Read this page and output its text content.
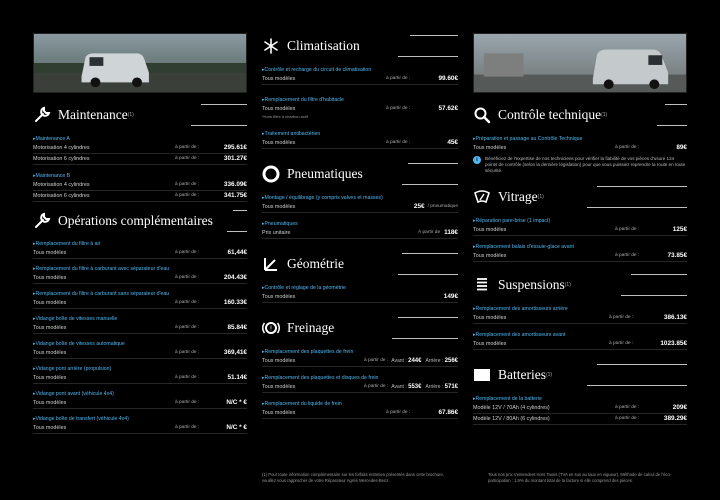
Maintenance (1)
▸ Maintenance A
Motorisation 4 cylindres	à partir de :	295.61€
Motorisation 6 cylindres	à partir de :	301.27€
▸ Maintenance B
Motorisation 4 cylindres	à partir de :	336.09€
Motorisation 6 cylindres	à partir de :	341.75€
Opérations complémentaires
▸ Remplacement du filtre à air
Tous modèles	à partir de :	61,44€
▸ Remplacement du filtre à carburant avec séparateur d'eau
Tous modèles	à partir de :	204.43€
▸ Remplacement du filtre à carburant sans séparateur d'eau
Tous modèles	à partir de :	160.33€
▸ Vidange boîte de vitesses manuelle
Tous modèles	à partir de :	85.84€
▸ Vidange boîte de vitesses automatique
Tous modèles	à partir de :	369,41€
▸ Vidange pont arrière (propulsion)
Tous modèles	à partir de :	51.14€
▸ Vidange pont avant (véhicule 4x4)
Tous modèles	à partir de :	N/C * €
▸ Vidange boîte de transfert (véhicule 4x4)
Tous modèles	à partir de :	N/C * €
Climatisation
▸ Contrôle et recharge du circuit de climatisation
Tous modèles	à partir de :	99.60€
▸ Remplacement du filtre d'habitacle
Tous modèles	à partir de :	57.62€
*Hors filtre à charbon actif
▸ Traitement antibactérien
Tous modèles	à partir de :	45€
Pneumatiques
▸ Montage / équilibrage (y compris valves et masses)
Tous modèles	25€ / pneumatique
▸ Pneumatiques
Prix unitaire	À partir de 118€
Géométrie
▸ Contrôle et réglage de la géométrie
Tous modèles	149€
! Freinage
▸ Remplacement des plaquettes de frein
Tous modèles	à partir de : Avant : 244€ Arrière : 256€
▸ Remplacement des plaquettes et disques de frein
Tous modèles	à partir de : Avant : 553€ Arrière : 571€
▸ Remplacement du liquide de frein
Tous modèles	à partir de :	67.86€
(1) Pour toute information complémentaire sur les forfaits entretien présentés dans cette brochure, veuillez vous rapprocher de votre Réparateur Agréé Mercedes-Benz.
Contrôle technique (1)
▸ Préparation et passage au Contrôle Technique
Tous modèles	à partir de :	89€
i	Bénéficiez de l'expertise de nos techniciens pour vérifier la fiabilité de vos pièces d'usure 124 points de contrôle (selon la dernière législation) pour que vous puissiez reprendre la route en toute sécurité.
Vitrage (1)
▸ Réparation pare-brise (1 impact)
Tous modèles	à partir de :	125€
▸ Remplacement balais d'essuie-glace avant
Tous modèles	à partir de :	73.85€
Suspensions (1)
▸ Remplacement des amortisseurs arrière
Tous modèles	à partir de :	386.13€
▸ Remplacement des amortisseurs avant
Tous modèles	à partir de :	1023.85€
Batteries (1)
▸ Remplacement de la batterie
Modèle 12V / 70Ah (4 cylindres)	à partir de :	209€
Modèle 12V / 80Ah (6 cylindres)	à partir de :	389.29€
Tous nos prix s'entendent Hors Taxes (TVA en sus au taux en vigueur). Méthode de calcul de l'éco-participation : 1.9% du montant total de la facture si elle comprend des pièces.
